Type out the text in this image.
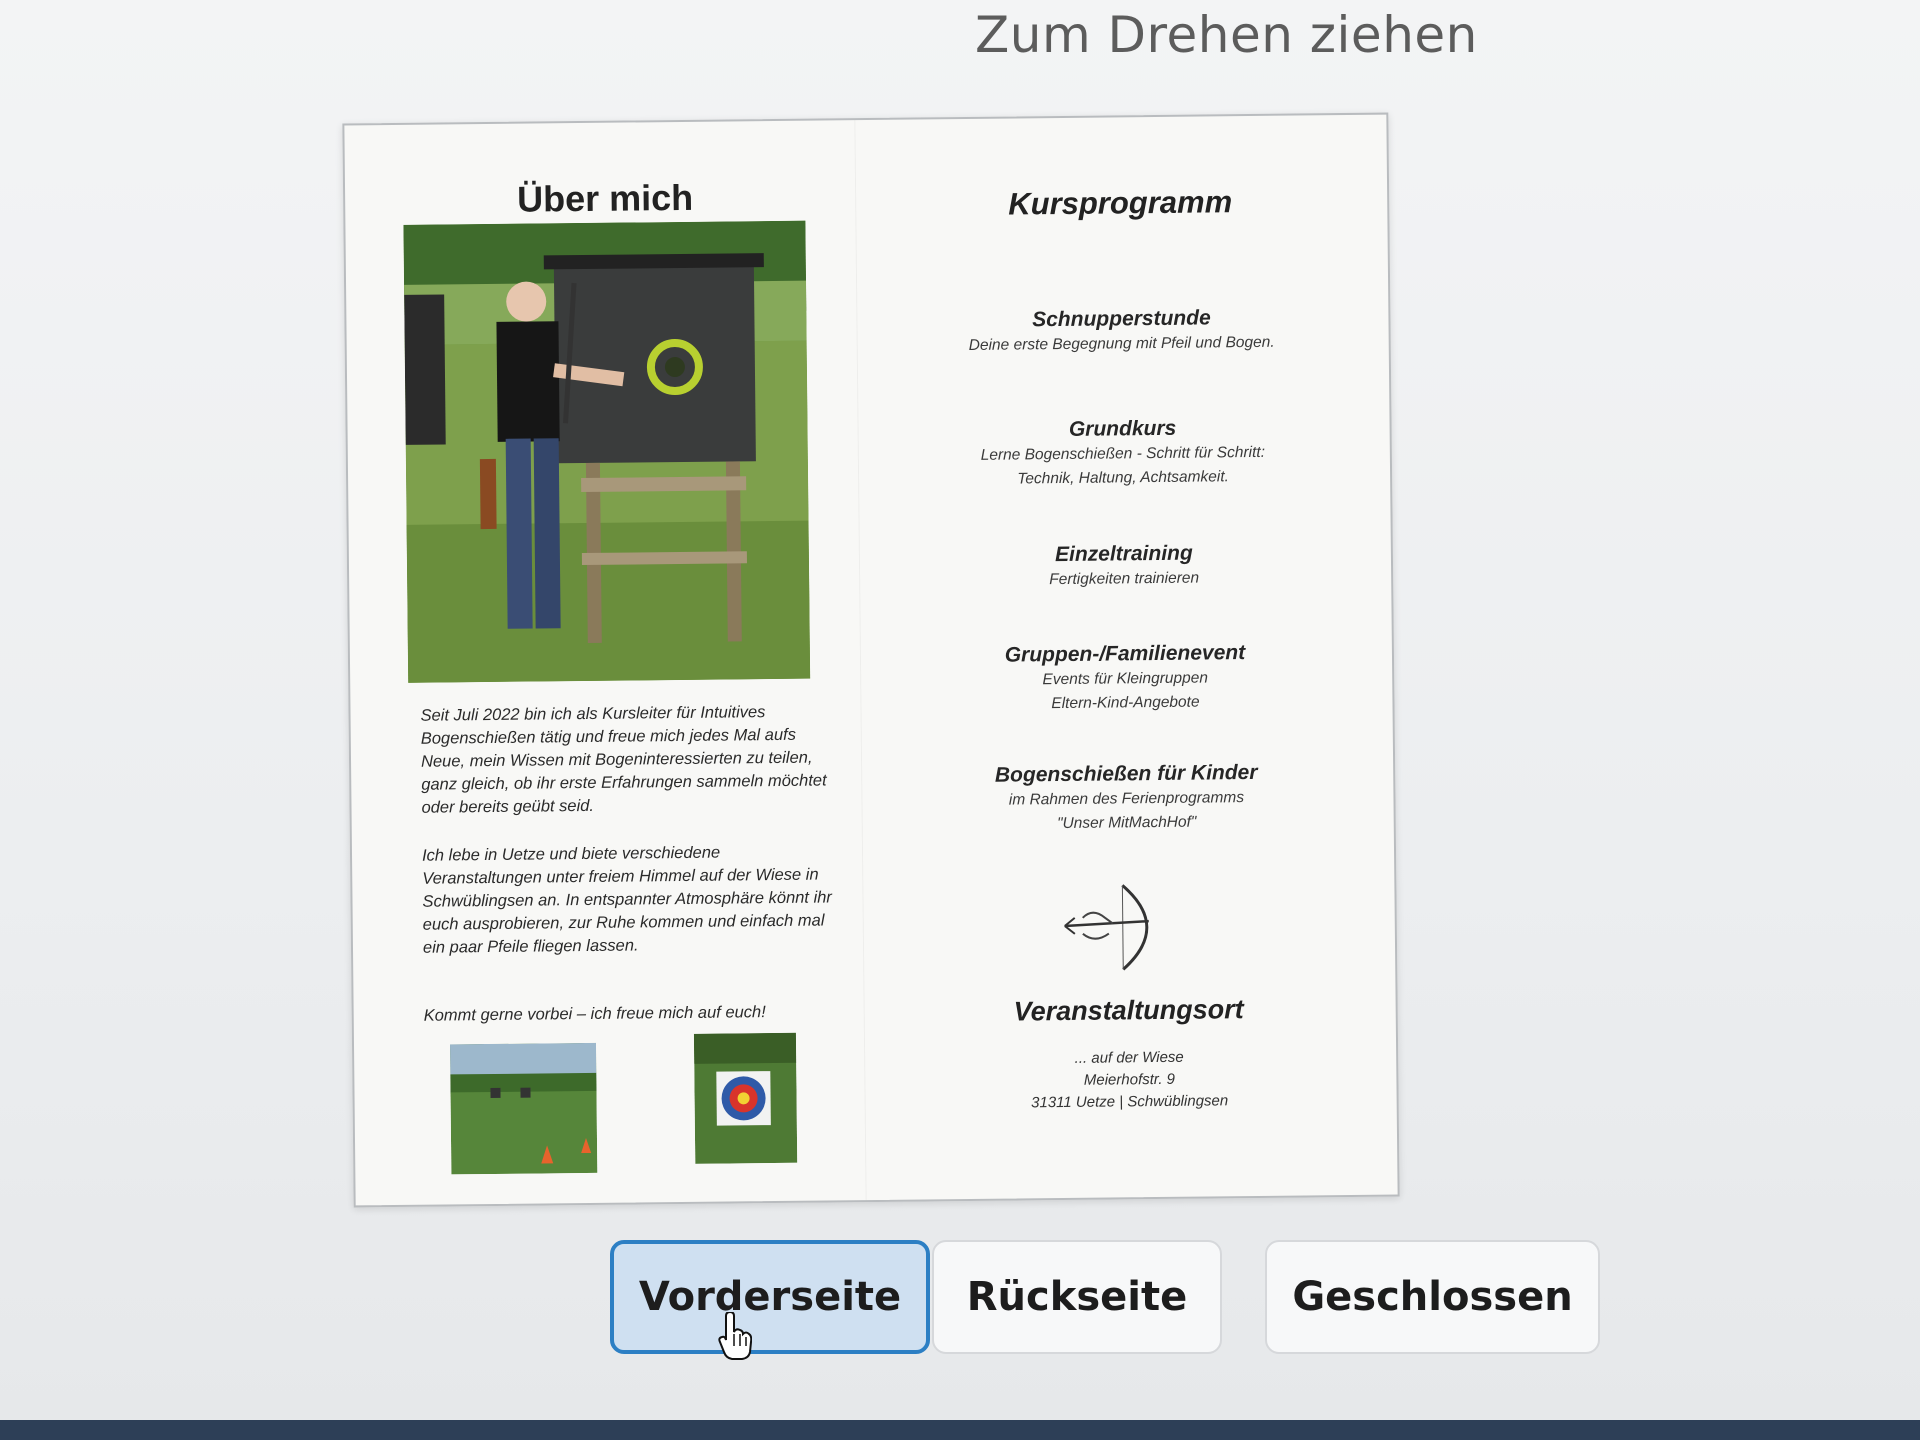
Zum Drehen ziehen
Über mich
Seit Juli 2022 bin ich als Kursleiter für Intuitives Bogenschießen tätig und freue mich jedes Mal aufs Neue, mein Wissen mit Bogeninteressierten zu teilen, ganz gleich, ob ihr erste Erfahrungen sammeln möchtet oder bereits geübt seid.
Ich lebe in Uetze und biete verschiedene Veranstaltungen unter freiem Himmel auf der Wiese in Schwüblingsen an. In entspannter Atmosphäre könnt ihr euch ausprobieren, zur Ruhe kommen und einfach mal ein paar Pfeile fliegen lassen.
Kommt gerne vorbei – ich freue mich auf euch!
Kursprogramm
Schnupperstunde
Deine erste Begegnung mit Pfeil und Bogen.
Grundkurs
Lerne Bogenschießen - Schritt für Schritt:
Technik, Haltung, Achtsamkeit.
Einzeltraining
Fertigkeiten trainieren
Gruppen-/Familienevent
Events für Kleingruppen
Eltern-Kind-Angebote
Bogenschießen für Kinder
im Rahmen des Ferienprogramms
"Unser MitMachHof"
Veranstaltungsort
... auf der Wiese
Meierhofstr. 9
31311 Uetze | Schwüblingsen
Vorderseite	Rückseite	Geschlossen
